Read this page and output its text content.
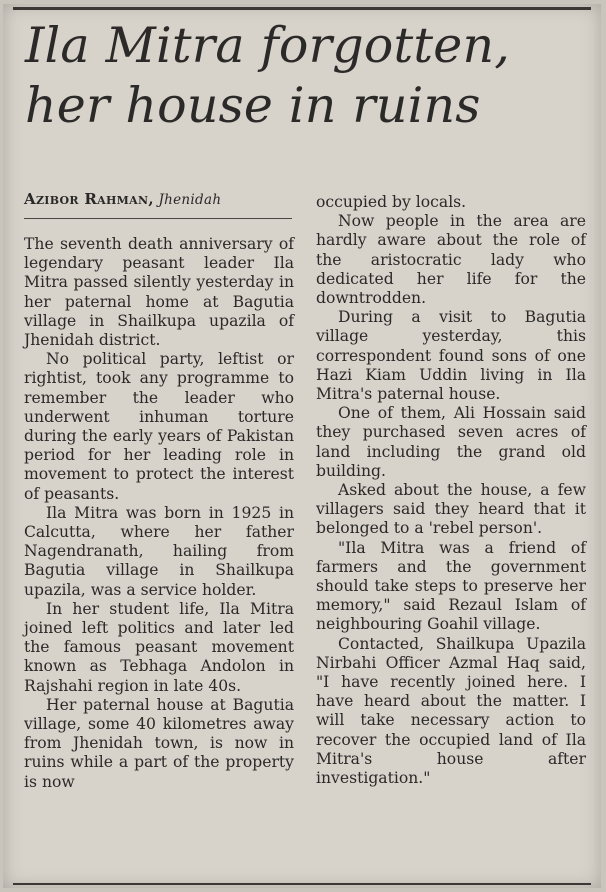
Ila Mitra forgotten,
her house in ruins
Azibor Rahman, Jhenidah

The seventh death anniversary of legendary peasant leader Ila Mitra passed silently yesterday in her paternal home at Bagutia village in Shailkupa upazila of Jhenidah district.

No political party, leftist or rightist, took any programme to remember the leader who underwent inhuman torture during the early years of Pakistan period for her leading role in movement to protect the interest of peasants.

Ila Mitra was born in 1925 in Calcutta, where her father Nagendranath, hailing from Bagutia village in Shailkupa upazila, was a service holder.

In her student life, Ila Mitra joined left politics and later led the famous peasant movement known as Tebhaga Andolon in Rajshahi region in late 40s.

Her paternal house at Bagutia village, some 40 kilometres away from Jhenidah town, is now in ruins while a part of the property is now

occupied by locals.

Now people in the area are hardly aware about the role of the aristocratic lady who dedicated her life for the downtrodden.

During a visit to Bagutia village yesterday, this correspondent found sons of one Hazi Kiam Uddin living in Ila Mitra's paternal house.

One of them, Ali Hossain said they purchased seven acres of land including the grand old building.

Asked about the house, a few villagers said they heard that it belonged to a 'rebel person'.

"Ila Mitra was a friend of farmers and the government should take steps to preserve her memory," said Rezaul Islam of neighbouring Goahil village.

Contacted, Shailkupa Upazila Nirbahi Officer Azmal Haq said, "I have recently joined here. I have heard about the matter. I will take necessary action to recover the occupied land of Ila Mitra's house after investigation."
